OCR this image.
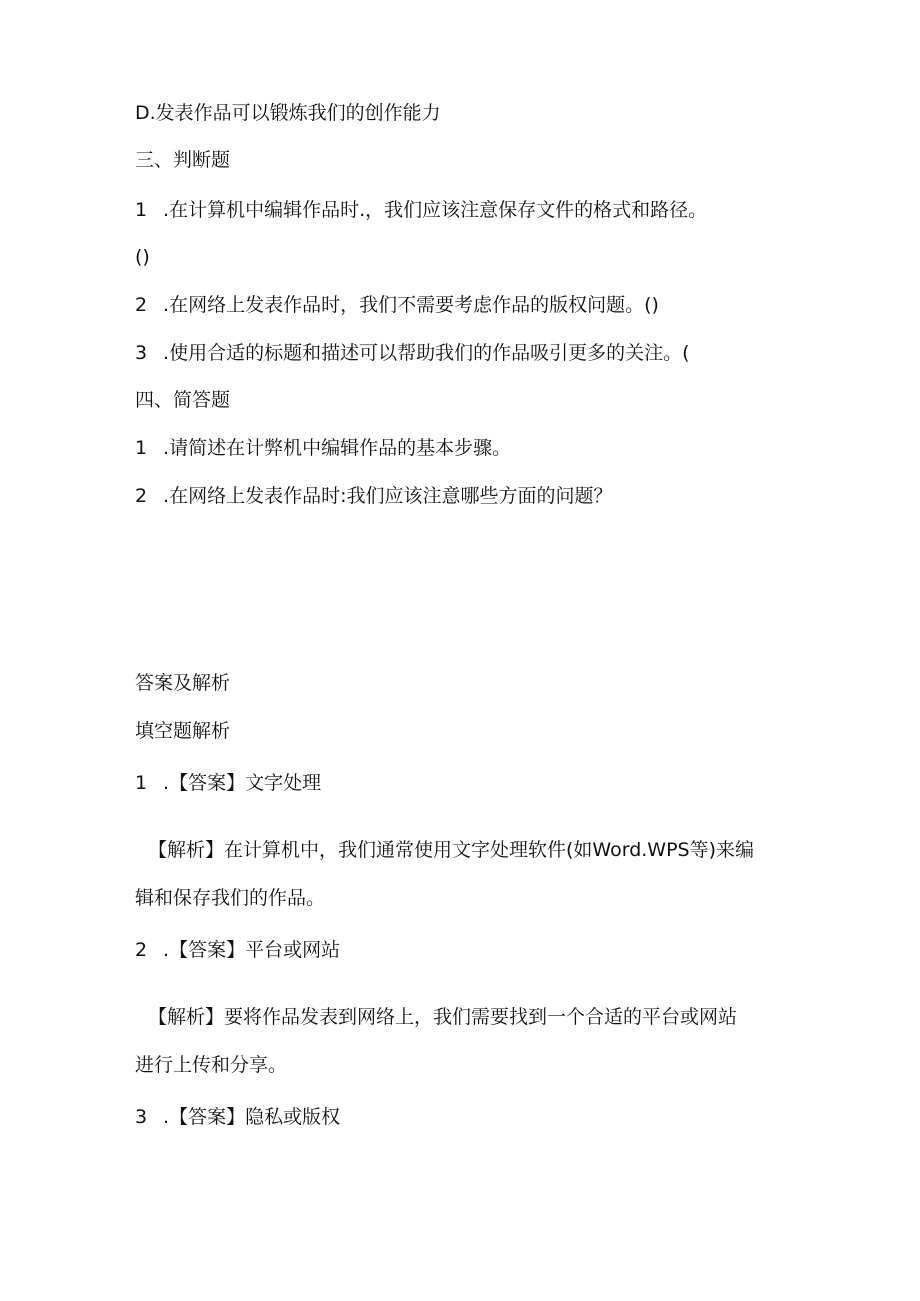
D.发表作品可以锻炼我们的创作能力
三、判断题
1 .在计算机中编辑作品时.，我们应该注意保存文件的格式和路径。
()
2 .在网络上发表作品时，我们不需要考虑作品的版权问题。()
3 .使用合适的标题和描述可以帮助我们的作品吸引更多的关注。(
四、简答题
1 .请简述在计弊机中编辑作品的基本步骤。
2 .在网络上发表作品时:我们应该注意哪些方面的问题？
答案及解析
填空题解析
1 .【答案】文字处理
【解析】在计算机中，我们通常使用文字处理软件(如Word.WPS等)来编
辑和保存我们的作品。
2 .【答案】平台或网站
【解析】要将作品发表到网络上，我们需要找到一个合适的平台或网站
进行上传和分享。
3 .【答案】隐私或版权
